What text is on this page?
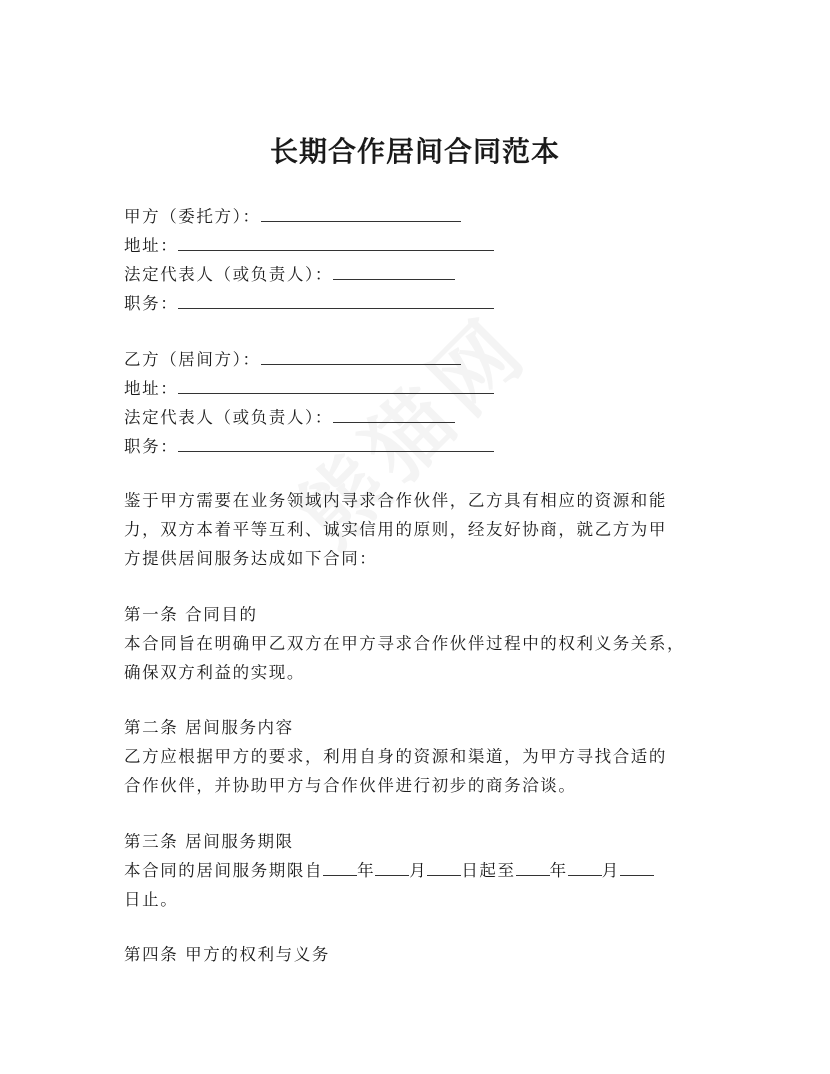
长期合作居间合同范本
甲方（委托方）：
地址：
法定代表人（或负责人）：
职务：
乙方（居间方）：
地址：
法定代表人（或负责人）：
职务：
鉴于甲方需要在业务领域内寻求合作伙伴，乙方具有相应的资源和能
力，双方本着平等互利、诚实信用的原则，经友好协商，就乙方为甲
方提供居间服务达成如下合同：
第一条 合同目的
本合同旨在明确甲乙双方在甲方寻求合作伙伴过程中的权利义务关系，
确保双方利益的实现。
第二条 居间服务内容
乙方应根据甲方的要求，利用自身的资源和渠道，为甲方寻找合适的
合作伙伴，并协助甲方与合作伙伴进行初步的商务洽谈。
第三条 居间服务期限
本合同的居间服务期限自 年 月 日起至 年 月
日止。
第四条 甲方的权利与义务
